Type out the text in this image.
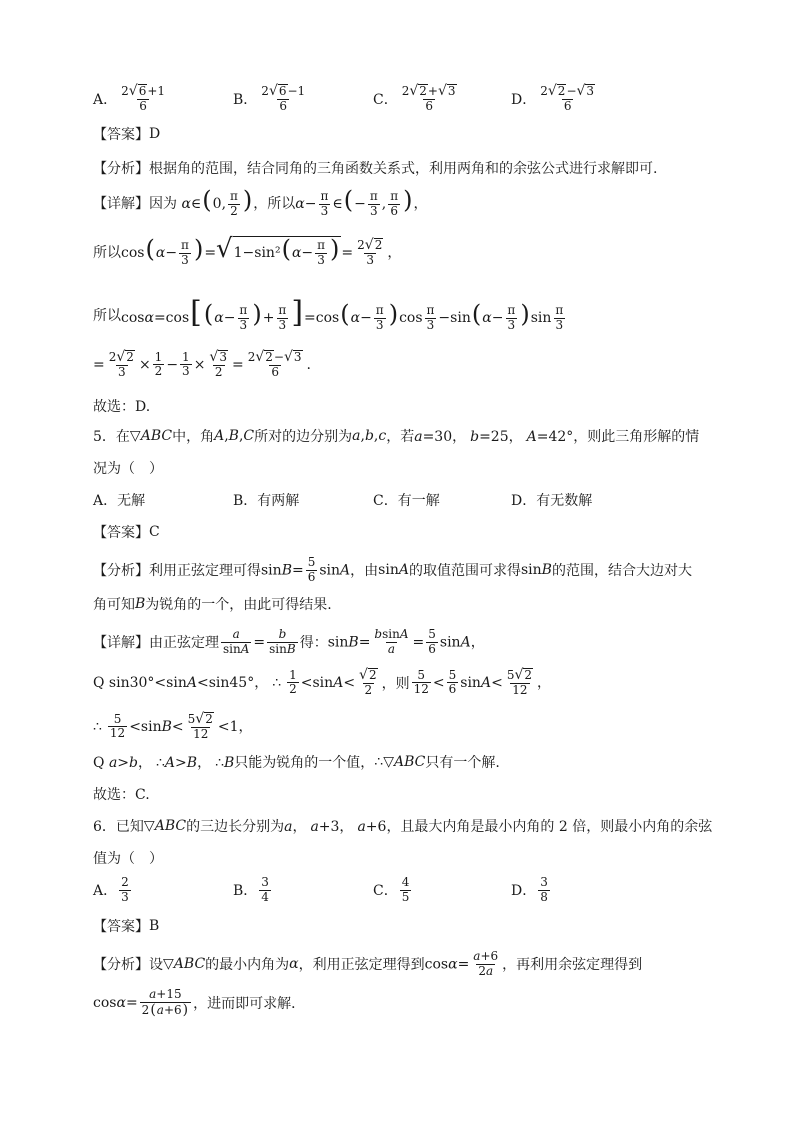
A． $\frac{2 √ 6 +1}{6}$	B． $\frac{2 √ 6 -1}{6}$	C． $\frac{2 √ 2 + √ 3}{6}$	D． $\frac{2 √ 2 - √ 3}{6}$
【答案】 D
【分析】 根据角的范围，结合同角的三角函数关系式，利用两角和的余弦公式进行求解即可.
【详解】 因为 α∈(0, $\frac{\pi}{2}$ ) ，所以 $\alpha- \frac{\pi}{3}$ ∈(− $\frac{\pi}{3}$ , $\frac{\pi}{6}$ ) ，
所以 $\cos(\alpha- \frac{\pi}{3}$ )= √ $1-\sin^2(\alpha- \frac{\pi}{3}$ ) = $\frac{2 √ 2}{3}$ ，
所以 $\cos\alpha=\cos[(\alpha- \frac{\pi}{3}$ )+ $\frac{\pi}{3} ]=\cos(\alpha- \frac{\pi}{3} )\cos \frac{\pi}{3} -\sin(\alpha- \frac{\pi}{3} )\sin \frac{\pi}{3}$
= $\frac{2 √ 2}{3} \times \frac{1}{2} - \frac{1}{3} \times \frac{√ 3}{2} = \frac{2 √ 2 - √ 3}{6}$ .
故选：D.
5．在 ▽ABC 中，角 A,B,C 所对的边分别为 a,b,c ，若 a=30， b=25， A=42° ，则此三角形解的情
况为（　）
A．无解	B．有两解	C．有一解	D．有无数解
【答案】 C
【分析】 利用正弦定理可得 $\sin B= \frac{5}{6}$ sinA ，由 sinA 的取值范围可求得 sinB 的范围，结合大边对大
角可知 B 为锐角的一个，由此可得结果.
【详解】 由正弦定理 $\frac{a}{\sin A} = \frac{b}{\sin B}$ 得： $\sin B= \frac{bsinA}{a} = \frac{5}{6}$ sinA，
Q sin30°<sinA<sin45°， ∴ $\frac{1}{2} <\sin A< \frac{√ 2}{2}$ ，则 $\frac{5}{12} < \frac{5}{6} \sin A< \frac{5 √ 2}{12}$ ，
∴ $\frac{5}{12} <\sin B< \frac{5 √ 2}{12} <1$，
Q a>b， ∴A>B， ∴B 只能为锐角的一个值， ∴▽ABC 只有一个解.
故选：C.
6．已知 ▽ABC 的三边长分别为 a， a+3， a+6 ，且最大内角是最小内角的 2 倍，则最小内角的余弦
值为（　）
A． $\frac{2}{3}$	B． $\frac{3}{4}$	C． $\frac{4}{5}$	D． $\frac{3}{8}$
【答案】 B
【分析】 设 ▽ABC 的最小内角为 α ，利用正弦定理得到 $\cos\alpha= \frac{a+6}{2a}$ ，再利用余弦定理得到
$\cos\alpha= \frac{a+15}{2(a+6)}$ ，进而即可求解．
